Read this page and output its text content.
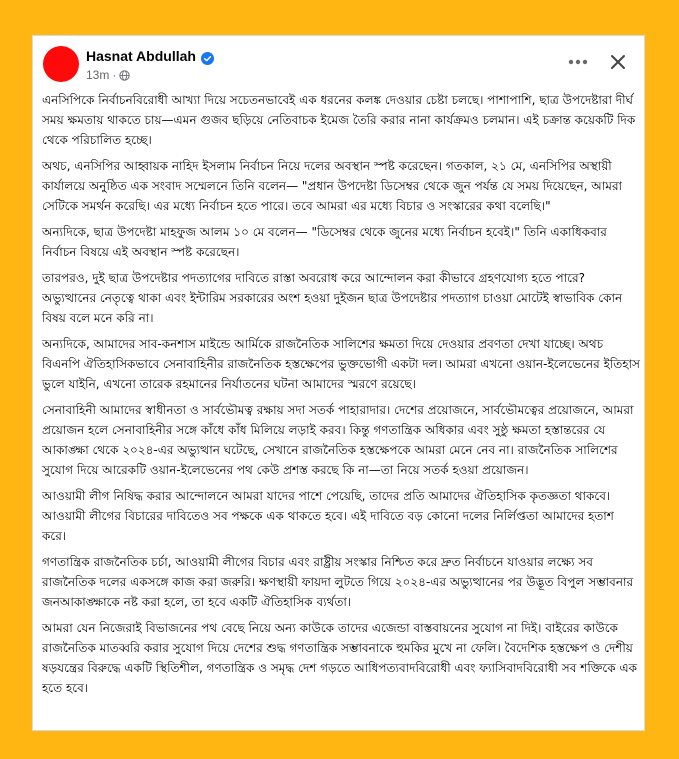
Hasnat Abdullah
13m ·

এনসিপিকে নির্বাচনবিরোধী আখ্যা দিয়ে সচেতনভাবেই এক ধরনের কলঙ্ক দেওয়ার চেষ্টা চলছে। পাশাপাশি, ছাত্র উপদেষ্টারা দীর্ঘ সময় ক্ষমতায় থাকতে চায়—এমন গুজব ছড়িয়ে নেতিবাচক ইমেজ তৈরি করার নানা কার্যক্রমও চলমান। এই চক্রান্ত কয়েকটি দিক থেকে পরিচালিত হচ্ছে।

অথচ, এনসিপির আহ্বায়ক নাহিদ ইসলাম নির্বাচন নিয়ে দলের অবস্থান স্পষ্ট করেছেন। গতকাল, ২১ মে, এনসিপির অস্থায়ী কার্যালয়ে অনুষ্ঠিত এক সংবাদ সম্মেলনে তিনি বলেন— "প্রধান উপদেষ্টা ডিসেম্বর থেকে জুন পর্যন্ত যে সময় দিয়েছেন, আমরা সেটিকে সমর্থন করেছি। এর মধ্যে নির্বাচন হতে পারে। তবে আমরা এর মধ্যে বিচার ও সংস্কারের কথা বলেছি।"

অন্যদিকে, ছাত্র উপদেষ্টা মাহফুজ আলম ১০ মে বলেন— "ডিসেম্বর থেকে জুনের মধ্যে নির্বাচন হবেই।" তিনি একাধিকবার নির্বাচন বিষয়ে এই অবস্থান স্পষ্ট করেছেন।

তারপরও, দুই ছাত্র উপদেষ্টার পদত্যাগের দাবিতে রাস্তা অবরোধ করে আন্দোলন করা কীভাবে গ্রহণযোগ্য হতে পারে? অভ্যুত্থানের নেতৃত্বে থাকা এবং ইন্টারিম সরকারের অংশ হওয়া দুইজন ছাত্র উপদেষ্টার পদত্যাগ চাওয়া মোটেই স্বাভাবিক কোন বিষয় বলে মনে করি না।

অন্যদিকে, আমাদের সাব-কনশাস মাইন্ডে আর্মিকে রাজনৈতিক সালিশের ক্ষমতা দিয়ে দেওয়ার প্রবণতা দেখা যাচ্ছে। অথচ বিএনপি ঐতিহাসিকভাবে সেনাবাহিনীর রাজনৈতিক হস্তক্ষেপের ভুক্তভোগী একটা দল। আমরা এখনো ওয়ান-ইলেভেনের ইতিহাস ভুলে যাইনি, এখনো তারেক রহমানের নির্যাতনের ঘটনা আমাদের স্মরণে রয়েছে।

সেনাবাহিনী আমাদের স্বাধীনতা ও সার্বভৌমত্ব রক্ষায় সদা সতর্ক পাহারাদার। দেশের প্রয়োজনে, সার্বভৌমত্বের প্রয়োজনে, আমরা প্রয়োজন হলে সেনাবাহিনীর সঙ্গে কাঁধে কাঁধ মিলিয়ে লড়াই করব। কিন্তু গণতান্ত্রিক অধিকার এবং সুষ্ঠু ক্ষমতা হস্তান্তরের যে আকাঙ্ক্ষা থেকে ২০২৪-এর অভ্যুত্থান ঘটেছে, সেখানে রাজনৈতিক হস্তক্ষেপকে আমরা মেনে নেব না। রাজনৈতিক সালিশের সুযোগ দিয়ে আরেকটি ওয়ান-ইলেভেনের পথ কেউ প্রশস্ত করছে কি না—তা নিয়ে সতর্ক হওয়া প্রয়োজন।

আওয়ামী লীগ নিষিদ্ধ করার আন্দোলনে আমরা যাদের পাশে পেয়েছি, তাদের প্রতি আমাদের ঐতিহাসিক কৃতজ্ঞতা থাকবে। আওয়ামী লীগের বিচারের দাবিতেও সব পক্ষকে এক থাকতে হবে। এই দাবিতে বড় কোনো দলের নির্লিপ্ততা আমাদের হতাশ করে।

গণতান্ত্রিক রাজনৈতিক চর্চা, আওয়ামী লীগের বিচার এবং রাষ্ট্রীয় সংস্কার নিশ্চিত করে দ্রুত নির্বাচনে যাওয়ার লক্ষ্যে সব রাজনৈতিক দলের একসঙ্গে কাজ করা জরুরি। ক্ষণস্থায়ী ফায়দা লুটতে গিয়ে ২০২৪-এর অভ্যুত্থানের পর উদ্ভূত বিপুল সম্ভাবনার জনআকাঙ্ক্ষাকে নষ্ট করা হলে, তা হবে একটি ঐতিহাসিক ব্যর্থতা।

আমরা যেন নিজেরাই বিভাজনের পথ বেছে নিয়ে অন্য কাউকে তাদের এজেন্ডা বাস্তবায়নের সুযোগ না দিই। বাইরের কাউকে রাজনৈতিক মাতব্বরি করার সুযোগ দিয়ে দেশের শুদ্ধ গণতান্ত্রিক সম্ভাবনাকে হুমকির মুখে না ফেলি। বৈদেশিক হস্তক্ষেপ ও দেশীয় ষড়যন্ত্রের বিরুদ্ধে একটি স্থিতিশীল, গণতান্ত্রিক ও সমৃদ্ধ দেশ গড়তে আধিপত্যবাদবিরোধী এবং ফ্যাসিবাদবিরোধী সব শক্তিকে এক হতে হবে।
